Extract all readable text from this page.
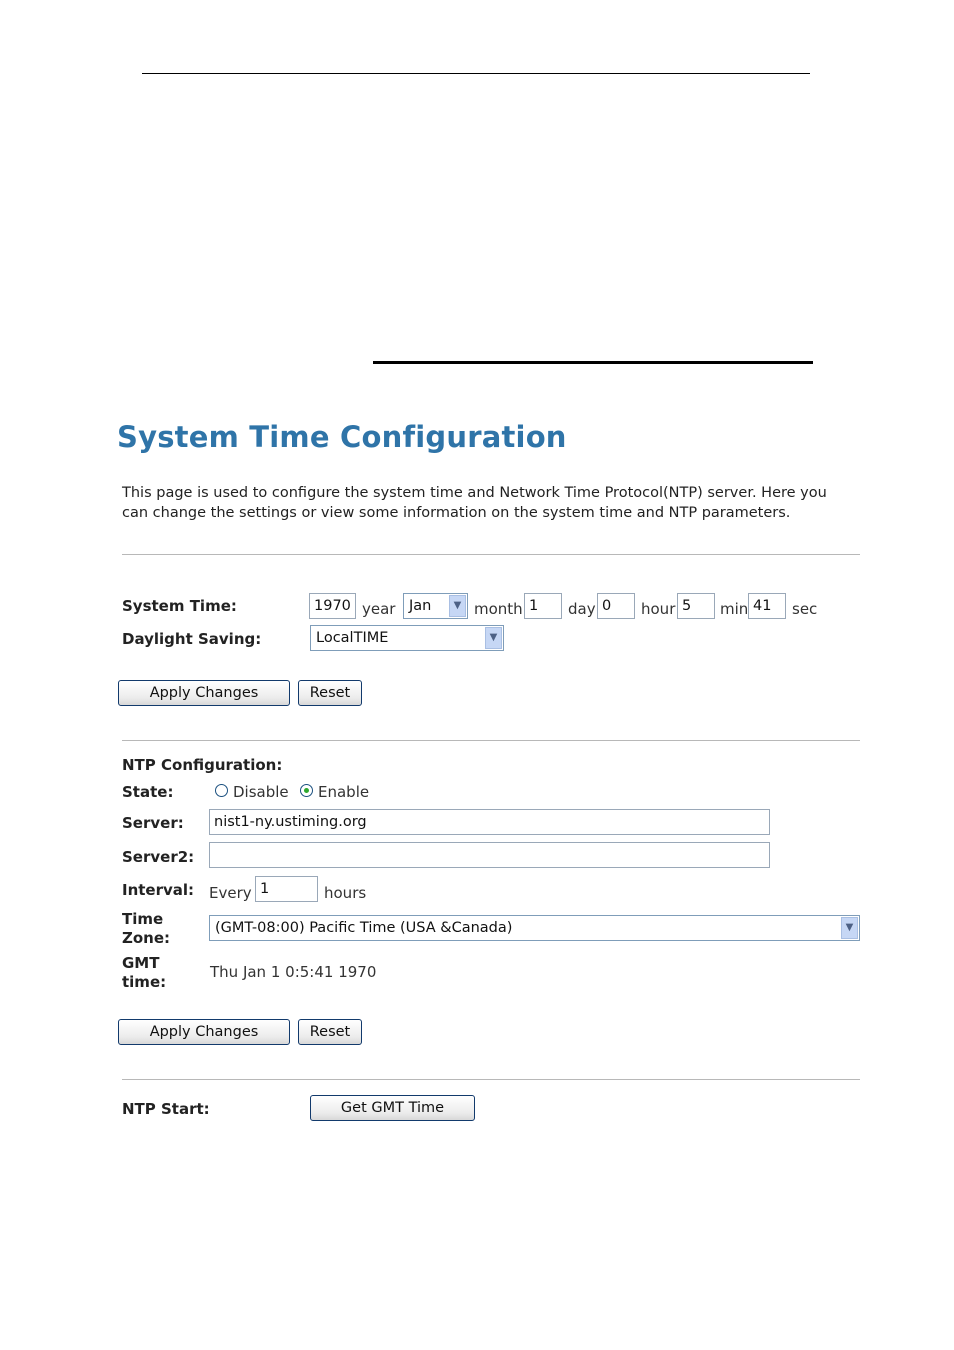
System Time Configuration
This page is used to configure the system time and Network Time Protocol(NTP) server. Here you can change the settings or view some information on the system time and NTP parameters.
System Time:	1970 year Jan ▼ month 1	day 0	hour 5	min 41	sec
Daylight Saving:	LocalTIME	▼
Apply Changes	Reset
NTP Configuration:
State:	Disable Enable
Server:	nist1-ny.ustiming.org
Server2:
Interval: Every 1	hours
Time
Zone:
(GMT-08:00) Pacific Time (USA &Canada)	▼
GMT
time:
Thu Jan 1 0:5:41 1970
Apply Changes	Reset
NTP Start:	Get GMT Time
